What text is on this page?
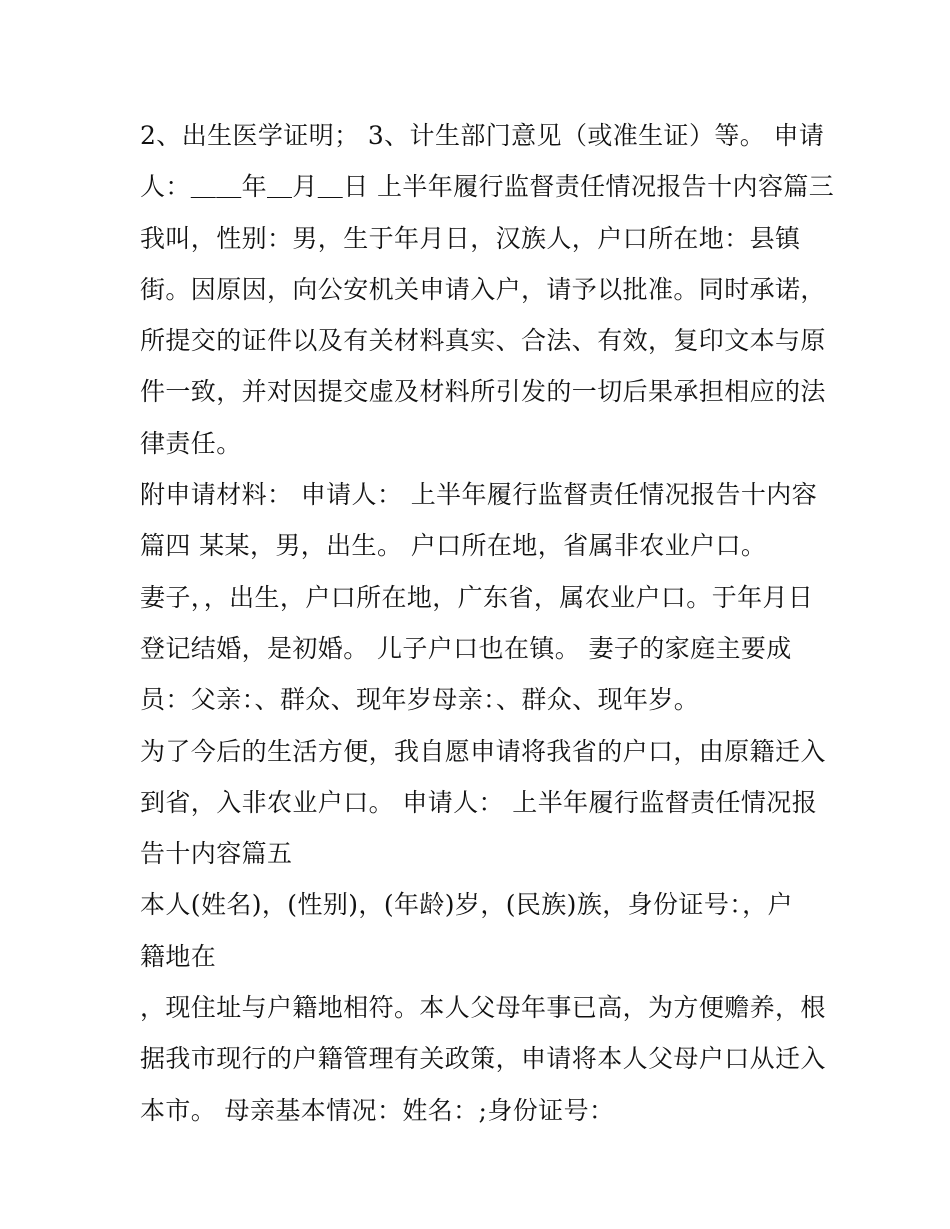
2、出生医学证明； 3、计生部门意见（或准生证）等。 申请
人：＿＿年＿月＿日 上半年履行监督责任情况报告十内容篇三
我叫，性别：男，生于年月日，汉族人，户口所在地：县镇
街。因原因，向公安机关申请入户，请予以批准。同时承诺，
所提交的证件以及有关材料真实、合法、有效，复印文本与原
件一致，并对因提交虚及材料所引发的一切后果承担相应的法
律责任。
附申请材料： 申请人： 上半年履行监督责任情况报告十内容
篇四 某某，男，出生。 户口所在地，省属非农业户口。
妻子，，出生，户口所在地，广东省，属农业户口。于年月日
登记结婚，是初婚。 儿子户口也在镇。 妻子的家庭主要成
员：父亲：、群众、现年岁母亲：、群众、现年岁。
为了今后的生活方便，我自愿申请将我省的户口，由原籍迁入
到省，入非农业户口。 申请人： 上半年履行监督责任情况报
告十内容篇五
本人(姓名)，(性别)，(年龄)岁，(民族)族，身份证号：，户
籍地在
，现住址与户籍地相符。本人父母年事已高，为方便赡养，根
据我市现行的户籍管理有关政策，申请将本人父母户口从迁入
本市。 母亲基本情况：姓名：;身份证号：
